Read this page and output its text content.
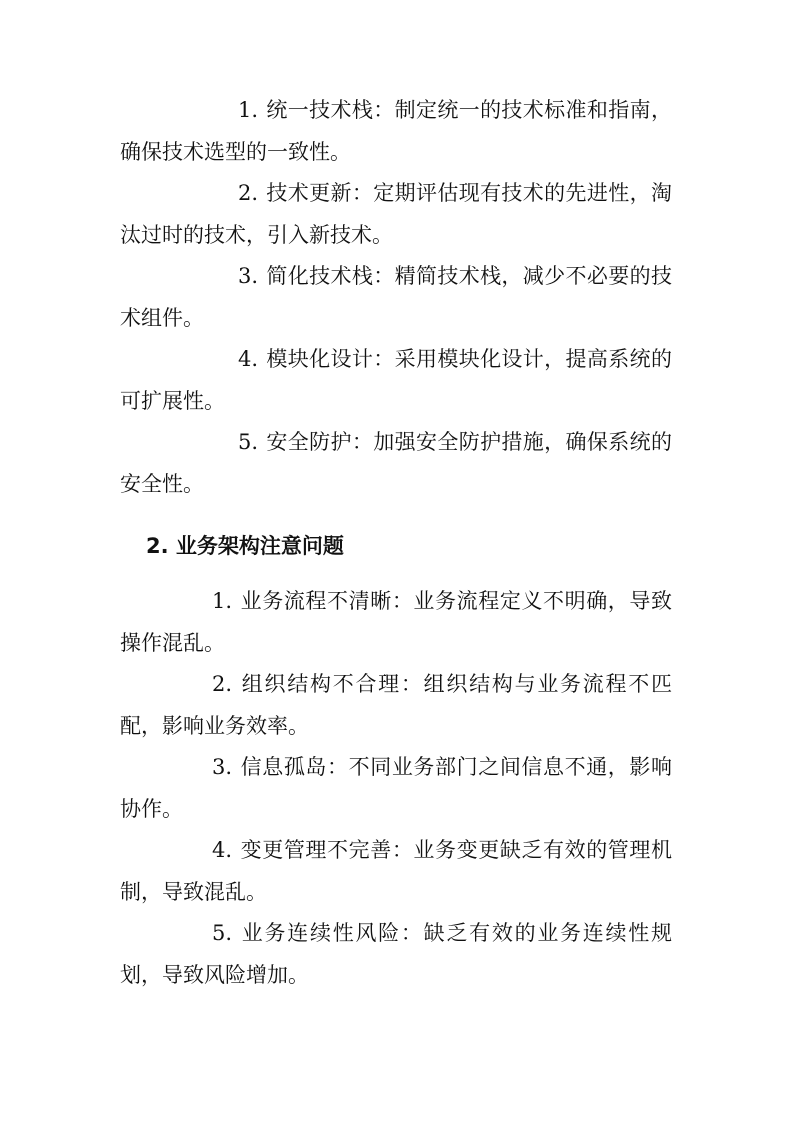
1. 统一技术栈：制定统一的技术标准和指南，确保技术选型的一致性。

2. 技术更新：定期评估现有技术的先进性，淘汰过时的技术，引入新技术。

3. 简化技术栈：精简技术栈，减少不必要的技术组件。

4. 模块化设计：采用模块化设计，提高系统的可扩展性。

5. 安全防护：加强安全防护措施，确保系统的安全性。

2. 业务架构注意问题

1. 业务流程不清晰：业务流程定义不明确，导致操作混乱。

2. 组织结构不合理：组织结构与业务流程不匹配，影响业务效率。

3. 信息孤岛：不同业务部门之间信息不通，影响协作。

4. 变更管理不完善：业务变更缺乏有效的管理机制，导致混乱。

5. 业务连续性风险：缺乏有效的业务连续性规划，导致风险增加。
